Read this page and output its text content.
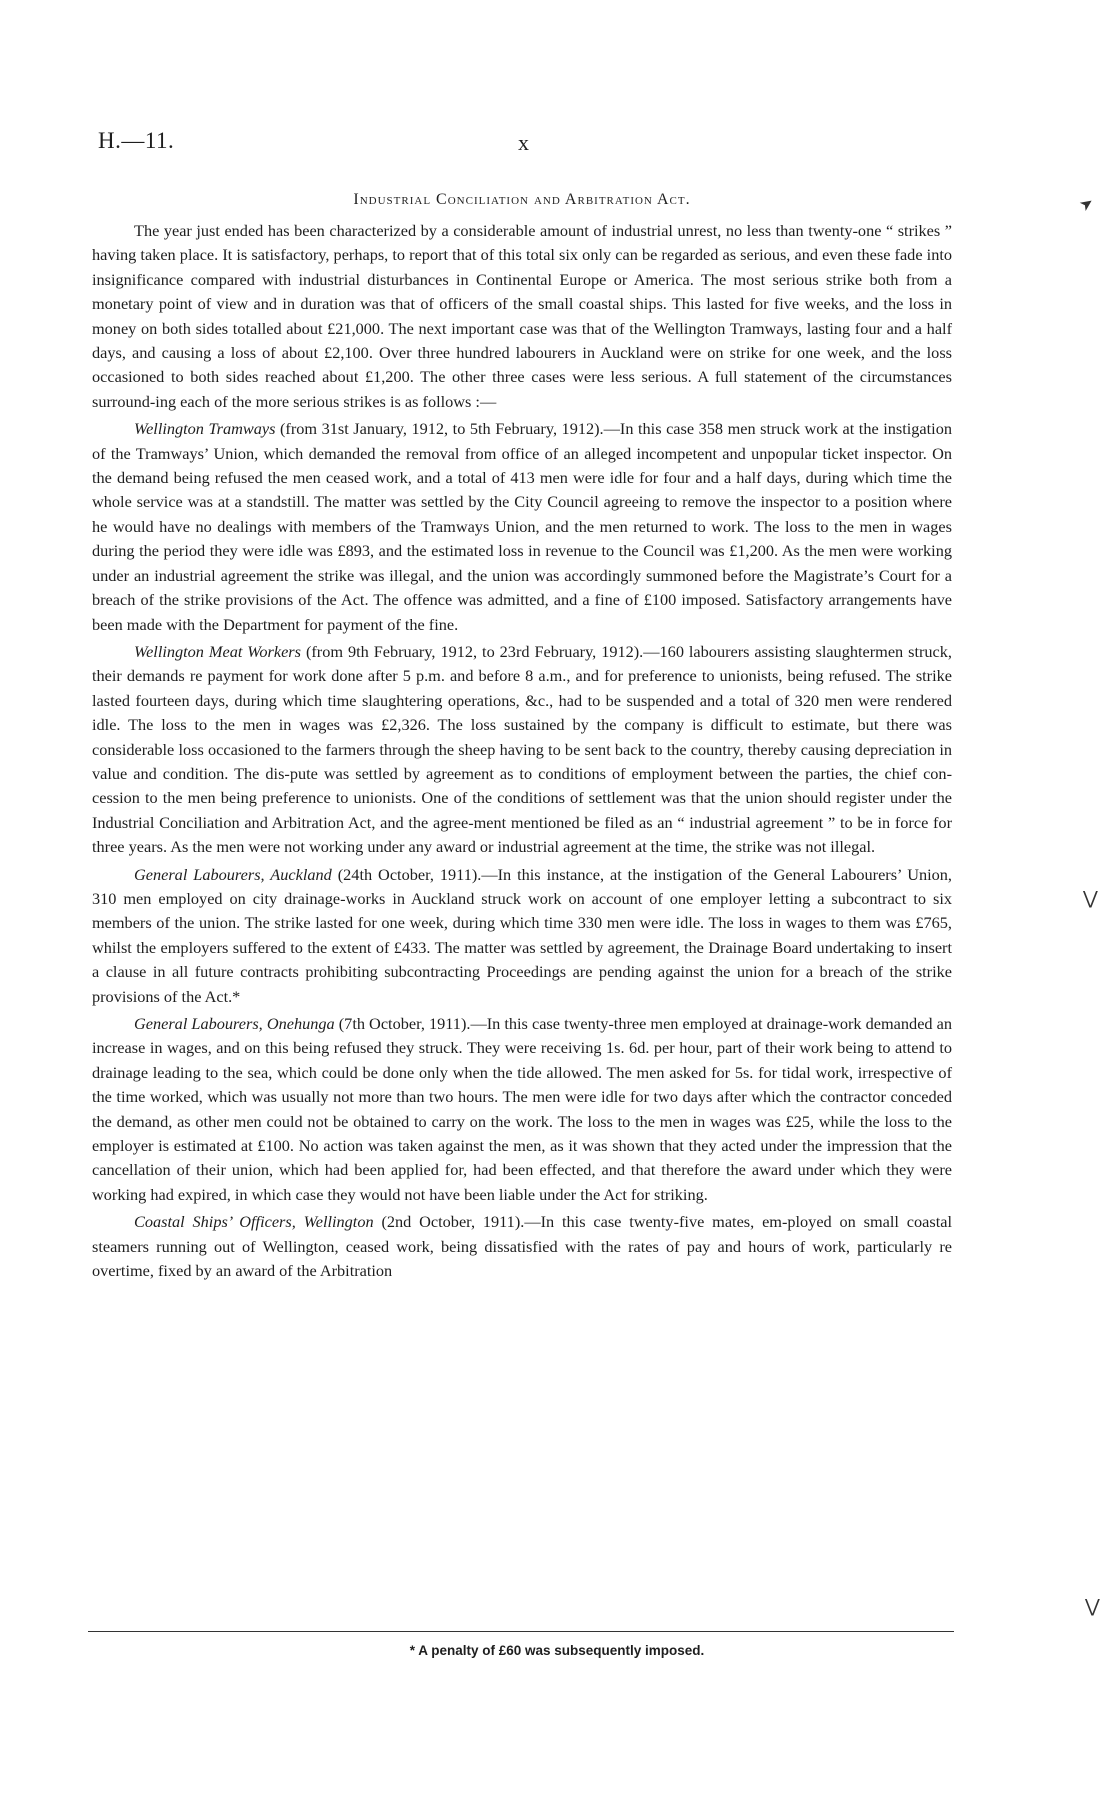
H.—11.	x
Industrial Conciliation and Arbitration Act.

The year just ended has been characterized by a considerable amount of industrial unrest, no less than twenty-one “ strikes ” having taken place. It is satisfactory, perhaps, to report that of this total six only can be regarded as serious, and even these fade into insignificance compared with industrial disturbances in Continental Europe or America. The most serious strike both from a monetary point of view and in duration was that of officers of the small coastal ships. This lasted for five weeks, and the loss in money on both sides totalled about £21,000. The next important case was that of the Wellington Tramways, lasting four and a half days, and causing a loss of about £2,100. Over three hundred labourers in Auckland were on strike for one week, and the loss occasioned to both sides reached about £1,200. The other three cases were less serious. A full statement of the circumstances surround-ing each of the more serious strikes is as follows :—

Wellington Tramways (from 31st January, 1912, to 5th February, 1912).—In this case 358 men struck work at the instigation of the Tramways’ Union, which demanded the removal from office of an alleged incompetent and unpopular ticket inspector. On the demand being refused the men ceased work, and a total of 413 men were idle for four and a half days, during which time the whole service was at a standstill. The matter was settled by the City Council agreeing to remove the inspector to a position where he would have no dealings with members of the Tramways Union, and the men returned to work. The loss to the men in wages during the period they were idle was £893, and the estimated loss in revenue to the Council was £1,200. As the men were working under an industrial agreement the strike was illegal, and the union was accordingly summoned before the Magistrate’s Court for a breach of the strike provisions of the Act. The offence was admitted, and a fine of £100 imposed. Satisfactory arrangements have been made with the Department for payment of the fine.

Wellington Meat Workers (from 9th February, 1912, to 23rd February, 1912).—160 labourers assisting slaughtermen struck, their demands re payment for work done after 5 p.m. and before 8 a.m., and for preference to unionists, being refused. The strike lasted fourteen days, during which time slaughtering operations, &c., had to be suspended and a total of 320 men were rendered idle. The loss to the men in wages was £2,326. The loss sustained by the company is difficult to estimate, but there was considerable loss occasioned to the farmers through the sheep having to be sent back to the country, thereby causing depreciation in value and condition. The dis-pute was settled by agreement as to conditions of employment between the parties, the chief con-cession to the men being preference to unionists. One of the conditions of settlement was that the union should register under the Industrial Conciliation and Arbitration Act, and the agree-ment mentioned be filed as an “ industrial agreement ” to be in force for three years. As the men were not working under any award or industrial agreement at the time, the strike was not illegal.

General Labourers, Auckland (24th October, 1911).—In this instance, at the instigation of the General Labourers’ Union, 310 men employed on city drainage-works in Auckland struck work on account of one employer letting a subcontract to six members of the union. The strike lasted for one week, during which time 330 men were idle. The loss in wages to them was £765, whilst the employers suffered to the extent of £433. The matter was settled by agreement, the Drainage Board undertaking to insert a clause in all future contracts prohibiting subcontracting Proceedings are pending against the union for a breach of the strike provisions of the Act.*

General Labourers, Onehunga (7th October, 1911).—In this case twenty-three men employed at drainage-work demanded an increase in wages, and on this being refused they struck. They were receiving 1s. 6d. per hour, part of their work being to attend to drainage leading to the sea, which could be done only when the tide allowed. The men asked for 5s. for tidal work, irrespective of the time worked, which was usually not more than two hours. The men were idle for two days after which the contractor conceded the demand, as other men could not be obtained to carry on the work. The loss to the men in wages was £25, while the loss to the employer is estimated at £100. No action was taken against the men, as it was shown that they acted under the impression that the cancellation of their union, which had been applied for, had been effected, and that therefore the award under which they were working had expired, in which case they would not have been liable under the Act for striking.

Coastal Ships’ Officers, Wellington (2nd October, 1911).—In this case twenty-five mates, em-ployed on small coastal steamers running out of Wellington, ceased work, being dissatisfied with the rates of pay and hours of work, particularly re overtime, fixed by an award of the Arbitration

* A penalty of £60 was subsequently imposed.
➤
⋁
⋁
